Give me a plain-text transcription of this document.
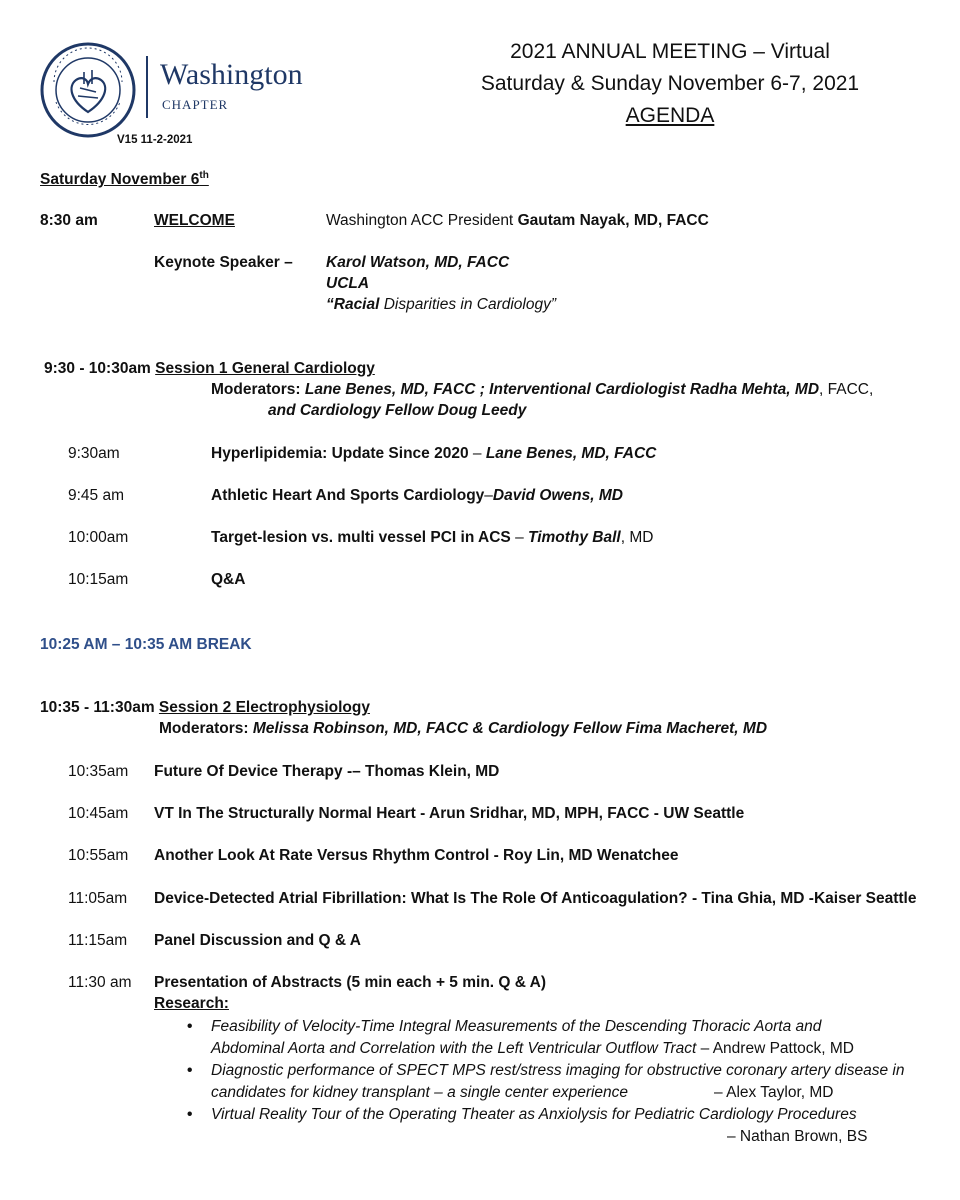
Washington
CHAPTER
V15 11-2-2021
2021 ANNUAL MEETING – Virtual
Saturday & Sunday November 6-7, 2021
AGENDA
Saturday November 6th
8:30 am	WELCOME	Washington ACC President Gautam Nayak, MD, FACC
Keynote Speaker – Karol Watson, MD, FACC
UCLA
“Racial Disparities in Cardiology”
9:30 - 10:30am Session 1 General Cardiology
Moderators: Lane Benes, MD, FACC ; Interventional Cardiologist Radha Mehta, MD, FACC,
and Cardiology Fellow Doug Leedy
9:30am	Hyperlipidemia: Update Since 2020 – Lane Benes, MD, FACC
9:45 am	Athletic Heart And Sports Cardiology–David Owens, MD
10:00am	Target-lesion vs. multi vessel PCI in ACS – Timothy Ball, MD
10:15am	Q&A
10:25 AM – 10:35 AM BREAK
10:35 - 11:30am Session 2 Electrophysiology
Moderators: Melissa Robinson, MD, FACC & Cardiology Fellow Fima Macheret, MD
10:35am Future Of Device Therapy -– Thomas Klein, MD
10:45am VT In The Structurally Normal Heart - Arun Sridhar, MD, MPH, FACC - UW Seattle
10:55am Another Look At Rate Versus Rhythm Control - Roy Lin, MD Wenatchee
11:05am Device-Detected Atrial Fibrillation: What Is The Role Of Anticoagulation? - Tina Ghia, MD -Kaiser Seattle
11:15am Panel Discussion and Q & A
11:30 am Presentation of Abstracts (5 min each + 5 min. Q & A)
Research:
• Feasibility of Velocity-Time Integral Measurements of the Descending Thoracic Aorta and
Abdominal Aorta and Correlation with the Left Ventricular Outflow Tract – Andrew Pattock, MD
• Diagnostic performance of SPECT MPS rest/stress imaging for obstructive coronary artery disease in
candidates for kidney transplant – a single center experience	– Alex Taylor, MD
• Virtual Reality Tour of the Operating Theater as Anxiolysis for Pediatric Cardiology Procedures
– Nathan Brown, BS
